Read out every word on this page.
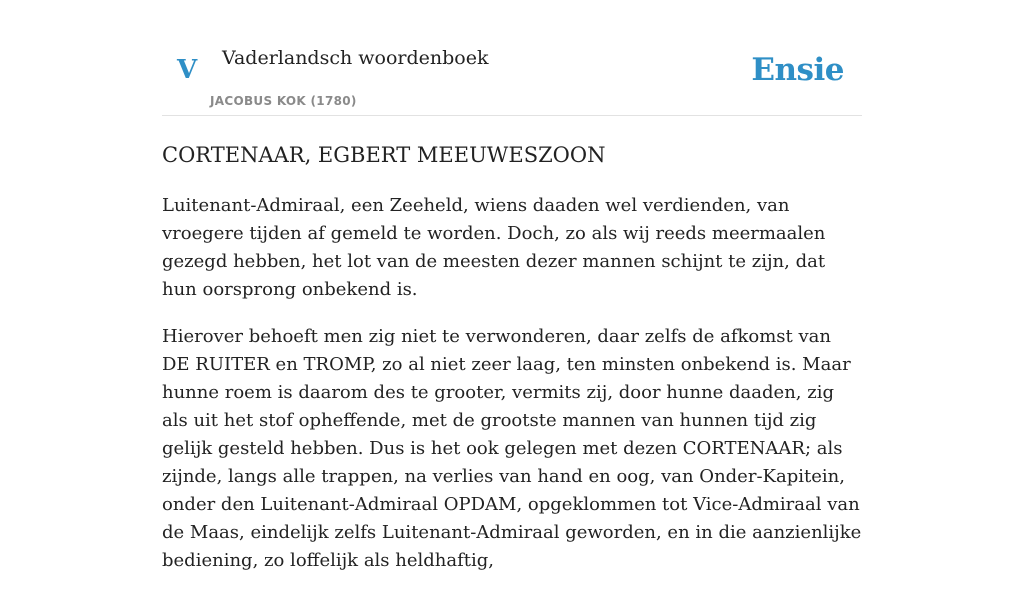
V Vaderlandsch woordenboek
JACOBUS KOK (1780)
Ensie
CORTENAAR, EGBERT MEEUWESZOON

Luitenant-Admiraal, een Zeeheld, wiens daaden wel verdienden, van vroegere tijden af gemeld te worden. Doch, zo als wij reeds meermaalen gezegd hebben, het lot van de meesten dezer mannen schijnt te zijn, dat hun oorsprong onbekend is.

Hierover behoeft men zig niet te verwonderen, daar zelfs de afkomst van DE RUITER en TROMP, zo al niet zeer laag, ten minsten onbekend is. Maar hunne roem is daarom des te grooter, vermits zij, door hunne daaden, zig als uit het stof opheffende, met de grootste mannen van hunnen tijd zig gelijk gesteld hebben. Dus is het ook gelegen met dezen CORTENAAR; als zijnde, langs alle trappen, na verlies van hand en oog, van Onder-Kapitein, onder den Luitenant-Admiraal OPDAM, opgeklommen tot Vice-Admiraal van de Maas, eindelijk zelfs Luitenant-Admiraal geworden, en in die aanzienlijke bediening, zo loffelijk als heldhaftig,
